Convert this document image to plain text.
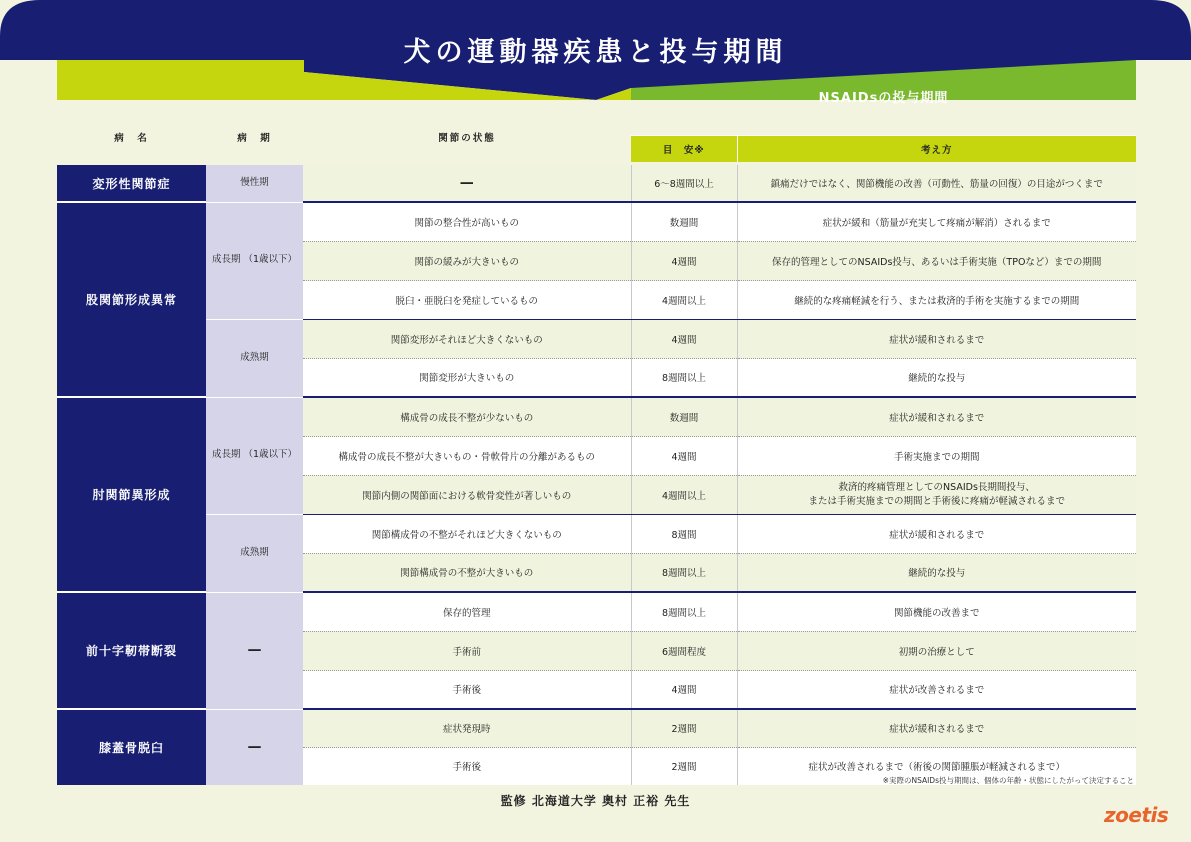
犬の運動器疾患と投与期間
NSAIDsの投与期間
病　名	病　期	関節の状態		
			目　安※	考え方

変形性関節症	慢性期	—	6～8週間以上	鎮痛だけではなく、関節機能の改善（可動性、筋量の回復）の目途がつくまで
股関節形成異常	成長期 （1歳以下）	関節の整合性が高いもの	数週間	症状が緩和（筋量が充実して疼痛が解消）されるまで
		関節の緩みが大きいもの	4週間	保存的管理としてのNSAIDs投与、あるいは手術実施（TPOなど）までの期間
		脱臼・亜脱臼を発症しているもの	4週間以上	継続的な疼痛軽減を行う、または救済的手術を実施するまでの期間
	成熟期	関節変形がそれほど大きくないもの	4週間	症状が緩和されるまで
		関節変形が大きいもの	8週間以上	継続的な投与
肘関節異形成	成長期 （1歳以下）	構成骨の成長不整が少ないもの	数週間	症状が緩和されるまで
		構成骨の成長不整が大きいもの・骨軟骨片の分離があるもの	4週間	手術実施までの期間
		関節内側の関節面における軟骨変性が著しいもの	4週間以上	救済的疼痛管理としてのNSAIDs長期間投与、
または手術実施までの期間と手術後に疼痛が軽減されるまで

	成熟期	関節構成骨の不整がそれほど大きくないもの	8週間	症状が緩和されるまで
		関節構成骨の不整が大きいもの	8週間以上	継続的な投与
前十字靭帯断裂	—	保存的管理	8週間以上	関節機能の改善まで
		手術前	6週間程度	初期の治療として
		手術後	4週間	症状が改善されるまで
膝蓋骨脱臼	—	症状発現時	2週間	症状が緩和されるまで
		手術後	2週間	症状が改善されるまで（術後の関節腫脹が軽減されるまで）
※実際のNSAIDs投与期間は、個体の年齢・状態にしたがって決定すること
監修 北海道大学 奥村 正裕 先生
zoetis
